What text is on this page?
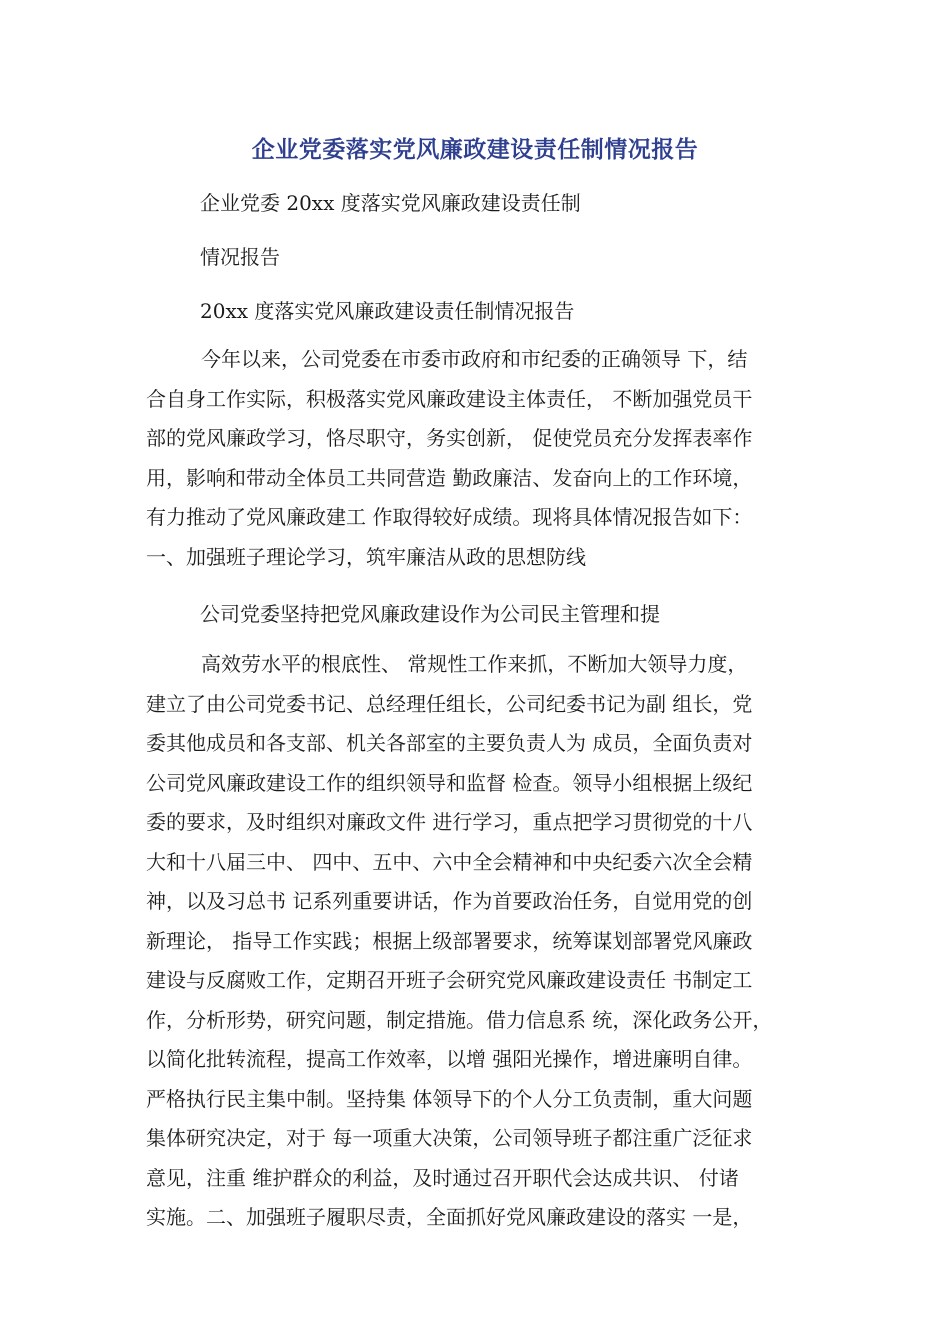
企业党委落实党风廉政建设责任制情况报告
企业党委 20xx 度落实党风廉政建设责任制
情况报告
20xx 度落实党风廉政建设责任制情况报告
今年以来，公司党委在市委市政府和市纪委的正确领导 下，结
合自身工作实际，积极落实党风廉政建设主体责任， 不断加强党员干
部的党风廉政学习，恪尽职守，务实创新， 促使党员充分发挥表率作
用，影响和带动全体员工共同营造 勤政廉洁、发奋向上的工作环境，
有力推动了党风廉政建工 作取得较好成绩。现将具体情况报告如下：
一、加强班子理论学习，筑牢廉洁从政的思想防线
公司党委坚持把党风廉政建设作为公司民主管理和提
高效劳水平的根底性、 常规性工作来抓，不断加大领导力度，
建立了由公司党委书记、总经理任组长，公司纪委书记为副 组长，党
委其他成员和各支部、机关各部室的主要负责人为 成员，全面负责对
公司党风廉政建设工作的组织领导和监督 检查。领导小组根据上级纪
委的要求，及时组织对廉政文件 进行学习，重点把学习贯彻党的十八
大和十八届三中、 四中、五中、六中全会精神和中央纪委六次全会精
神，以及习总书 记系列重要讲话，作为首要政治任务，自觉用党的创
新理论， 指导工作实践；根据上级部署要求，统筹谋划部署党风廉政
建设与反腐败工作，定期召开班子会研究党风廉政建设责任 书制定工
作，分析形势，研究问题，制定措施。借力信息系 统，深化政务公开，
以简化批转流程，提高工作效率，以增 强阳光操作，增进廉明自律。
严格执行民主集中制。坚持集 体领导下的个人分工负责制，重大问题
集体研究决定，对于 每一项重大决策，公司领导班子都注重广泛征求
意见，注重 维护群众的利益，及时通过召开职代会达成共识、 付诸
实施。二、加强班子履职尽责，全面抓好党风廉政建设的落实 一是，
